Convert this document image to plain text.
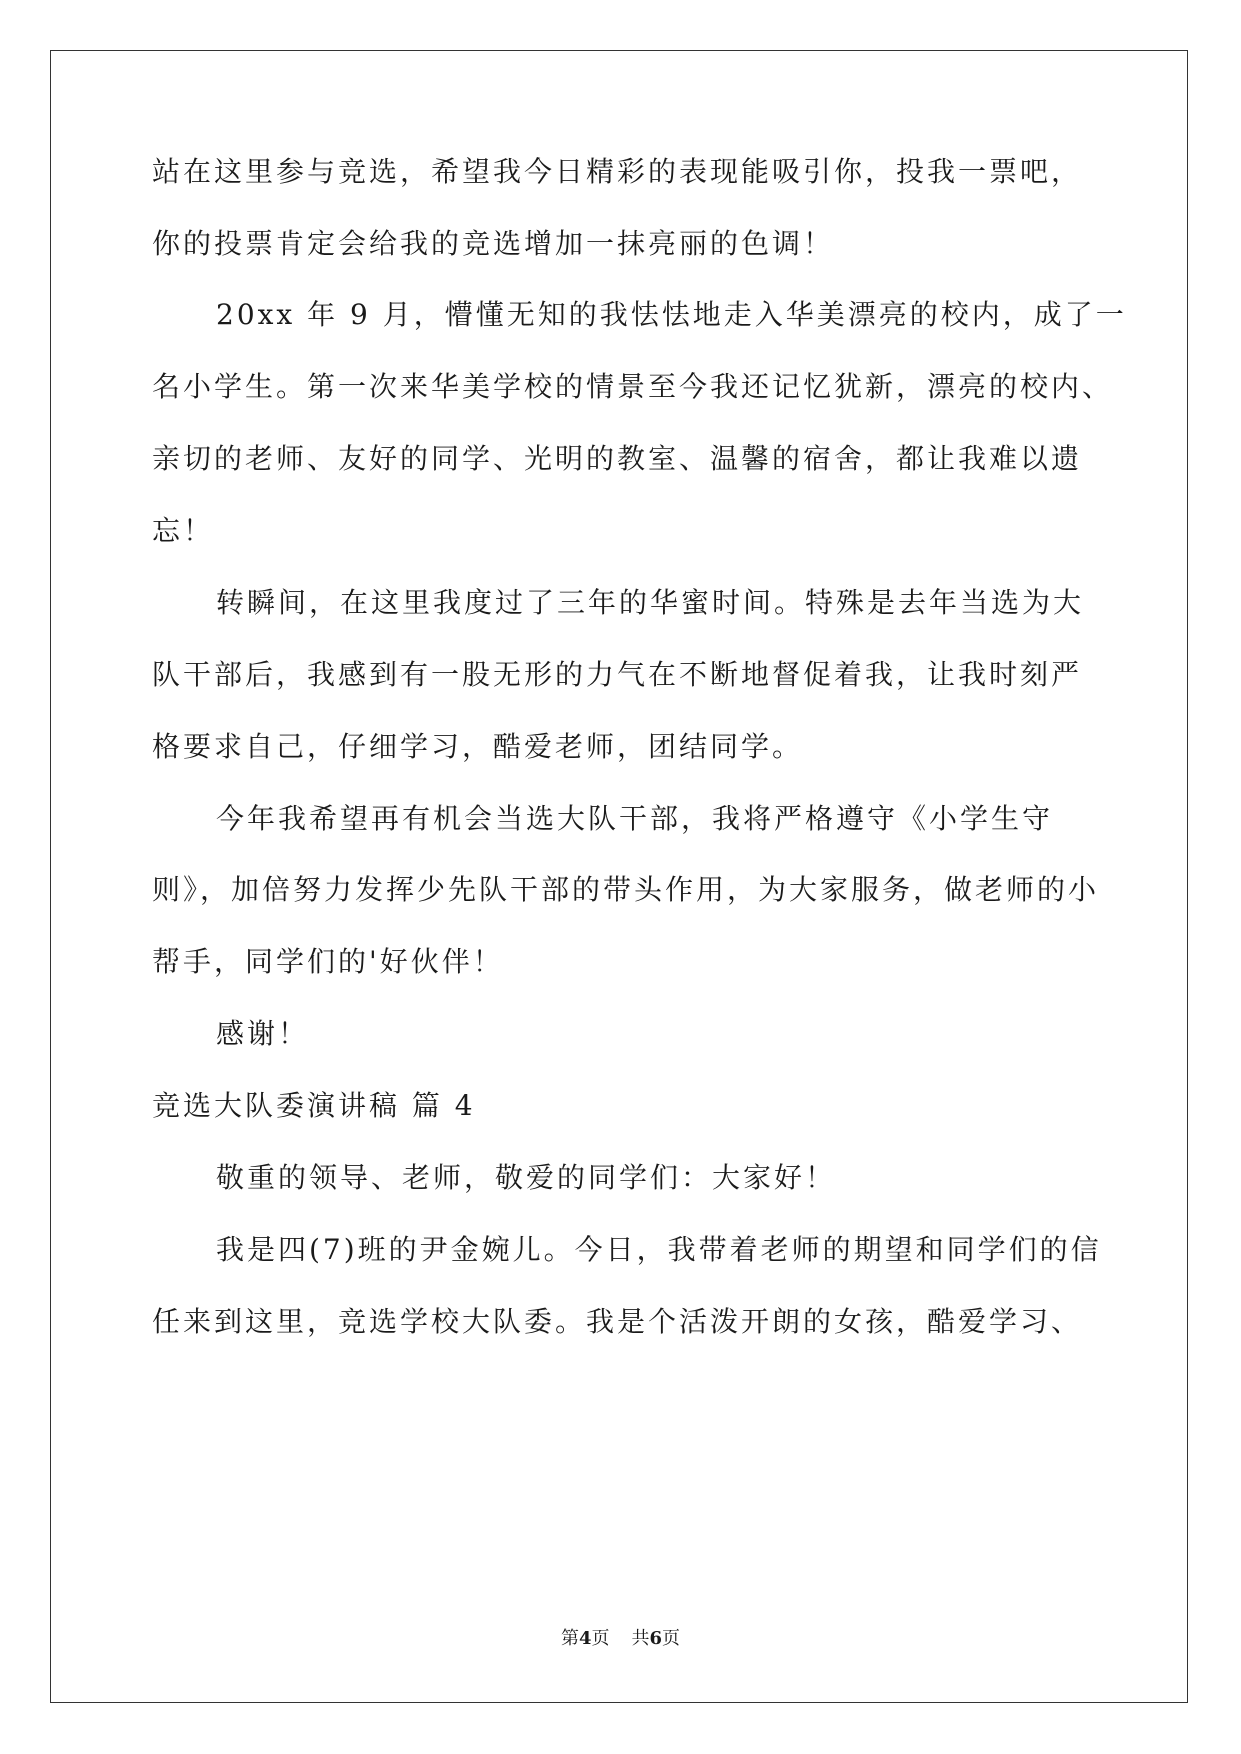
站在这里参与竞选，希望我今日精彩的表现能吸引你，投我一票吧，
你的投票肯定会给我的竞选增加一抹亮丽的色调！
20xx 年 9 月，懵懂无知的我怯怯地走入华美漂亮的校内，成了一
名小学生。第一次来华美学校的情景至今我还记忆犹新，漂亮的校内、
亲切的老师、友好的同学、光明的教室、温馨的宿舍，都让我难以遗
忘！
转瞬间，在这里我度过了三年的华蜜时间。特殊是去年当选为大
队干部后，我感到有一股无形的力气在不断地督促着我，让我时刻严
格要求自己，仔细学习，酷爱老师，团结同学。
今年我希望再有机会当选大队干部，我将严格遵守《小学生守
则》，加倍努力发挥少先队干部的带头作用，为大家服务，做老师的小
帮手，同学们的'好伙伴！
感谢！
竞选大队委演讲稿 篇 4
敬重的领导、老师，敬爱的同学们：大家好！
我是四(7)班的尹金婉儿。今日，我带着老师的期望和同学们的信
任来到这里，竞选学校大队委。我是个活泼开朗的女孩，酷爱学习、
第4页 共6页
